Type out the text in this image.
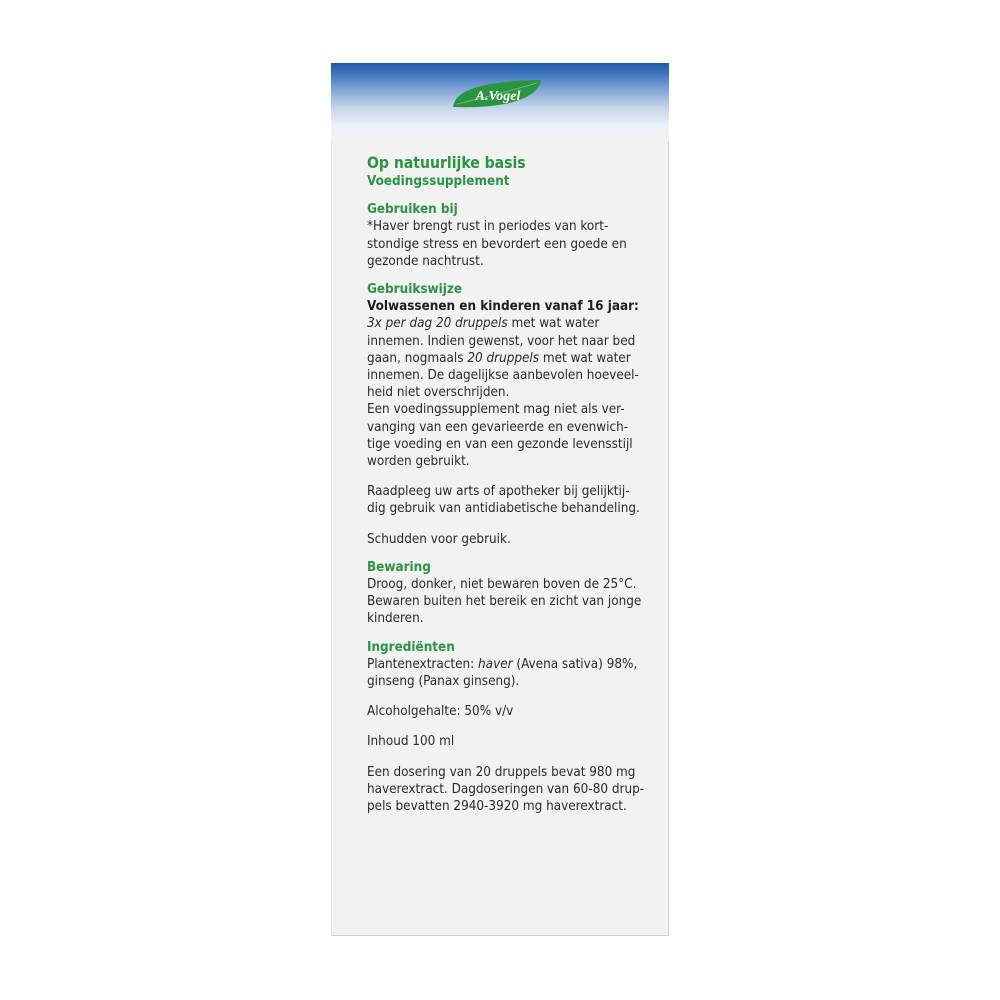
A.Vogel
Op natuurlijke basis
Voedingssupplement
Gebruiken bij
*Haver brengt rust in periodes van kort-
stondige stress en bevordert een goede en
gezonde nachtrust.
Gebruikswijze
Volwassenen en kinderen vanaf 16 jaar:
3x per dag 20 druppels met wat water
innemen. Indien gewenst, voor het naar bed
gaan, nogmaals 20 druppels met wat water
innemen. De dagelijkse aanbevolen hoeveel-
heid niet overschrijden.
Een voedingssupplement mag niet als ver-
vanging van een gevarieerde en evenwich-
tige voeding en van een gezonde levensstijl
worden gebruikt.
Raadpleeg uw arts of apotheker bij gelijktij-
dig gebruik van antidiabetische behandeling.
Schudden voor gebruik.
Bewaring
Droog, donker, niet bewaren boven de 25°C.
Bewaren buiten het bereik en zicht van jonge
kinderen.
Ingrediënten
Plantenextracten: haver (Avena sativa) 98%,
ginseng (Panax ginseng).
Alcoholgehalte: 50% v/v
Inhoud 100 ml
Een dosering van 20 druppels bevat 980 mg
haverextract. Dagdoseringen van 60-80 drup-
pels bevatten 2940-3920 mg haverextract.
